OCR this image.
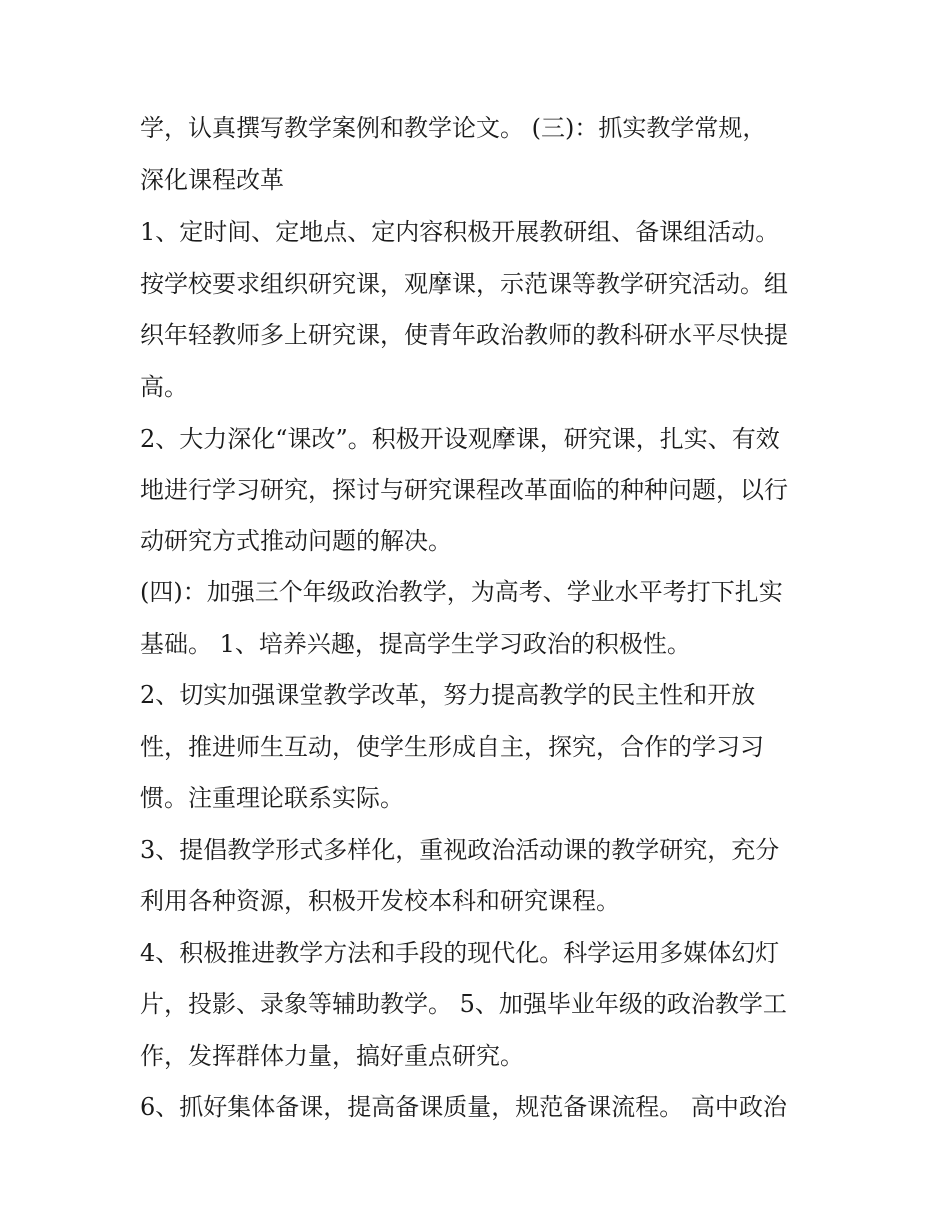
学，认真撰写教学案例和教学论文。 (三)：抓实教学常规，
深化课程改革
1、定时间、定地点、定内容积极开展教研组、备课组活动。
按学校要求组织研究课，观摩课，示范课等教学研究活动。组
织年轻教师多上研究课，使青年政治教师的教科研水平尽快提
高。
2、大力深化“课改”。积极开设观摩课，研究课，扎实、有效
地进行学习研究，探讨与研究课程改革面临的种种问题，以行
动研究方式推动问题的解决。
(四)：加强三个年级政治教学，为高考、学业水平考打下扎实
基础。 1、培养兴趣，提高学生学习政治的积极性。
2、切实加强课堂教学改革，努力提高教学的民主性和开放
性，推进师生互动，使学生形成自主，探究，合作的学习习
惯。注重理论联系实际。
3、提倡教学形式多样化，重视政治活动课的教学研究，充分
利用各种资源，积极开发校本科和研究课程。
4、积极推进教学方法和手段的现代化。科学运用多媒体幻灯
片，投影、录象等辅助教学。 5、加强毕业年级的政治教学工
作，发挥群体力量，搞好重点研究。
6、抓好集体备课，提高备课质量，规范备课流程。 高中政治
